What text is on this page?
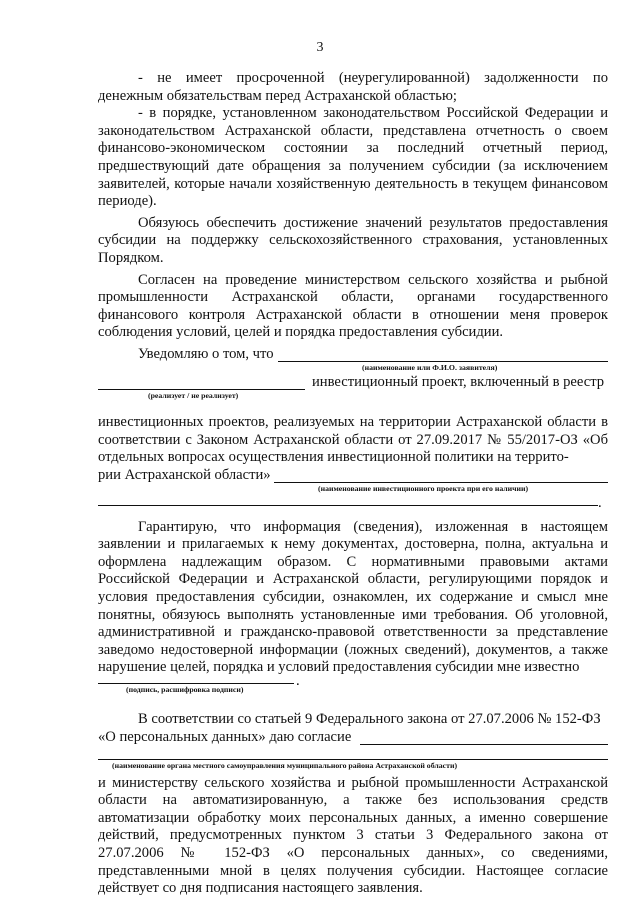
3

- не имеет просроченной (неурегулированной) задолженности по денежным обязательствам перед Астраханской областью;

- в порядке, установленном законодательством Российской Федерации и законодательством Астраханской области, представлена отчетность о своем финансово-экономическом состоянии за последний отчетный период, предшествующий дате обращения за получением субсидии (за исключением заявителей, которые начали хозяйственную деятельность в текущем финансовом периоде).

Обязуюсь обеспечить достижение значений результатов предоставления субсидии на поддержку сельскохозяйственного страхования, установленных Порядком.

Согласен на проведение министерством сельского хозяйства и рыбной промышленности Астраханской области, органами государственного финансового контроля Астраханской области в отношении меня проверок соблюдения условий, целей и порядка предоставления субсидии.

Уведомляю о том, что
(наименование или Ф.И.О. заявителя)
(реализует / не реализует)
инвестиционный проект, включенный в реестр

инвестиционных проектов, реализуемых на территории Астраханской области в соответствии с Законом Астраханской области от 27.09.2017 № 55/2017-ОЗ «Об отдельных вопросах осуществления инвестиционной политики на террито-

рии Астраханской области»
(наименование инвестиционного проекта при его наличии)
.

Гарантирую, что информация (сведения), изложенная в настоящем заявлении и прилагаемых к нему документах, достоверна, полна, актуальна и оформлена надлежащим образом. С нормативными правовыми актами Российской Федерации и Астраханской области, регулирующими порядок и условия предоставления субсидии, ознакомлен, их содержание и смысл мне понятны, обязуюсь выполнять установленные ими требования. Об уголовной, административной и гражданско-правовой ответственности за представление заведомо недостоверной информации (ложных сведений), документов, а также нарушение целей, порядка и условий предоставления субсидии мне известно

.
(подпись, расшифровка подписи)

В соответствии со статьей 9 Федерального закона от 27.07.2006 № 152-ФЗ

«О персональных данных» даю согласие
(наименование органа местного самоуправления муниципального района Астраханской области)

и министерству сельского хозяйства и рыбной промышленности Астраханской области на автоматизированную, а также без использования средств автоматизации обработку моих персональных данных, а именно совершение действий, предусмотренных пунктом 3 статьи 3 Федерального закона от 27.07.2006 № 152-ФЗ «О персональных данных», со сведениями, представленными мной в целях получения субсидии. Настоящее согласие действует со дня подписания настоящего заявления.
